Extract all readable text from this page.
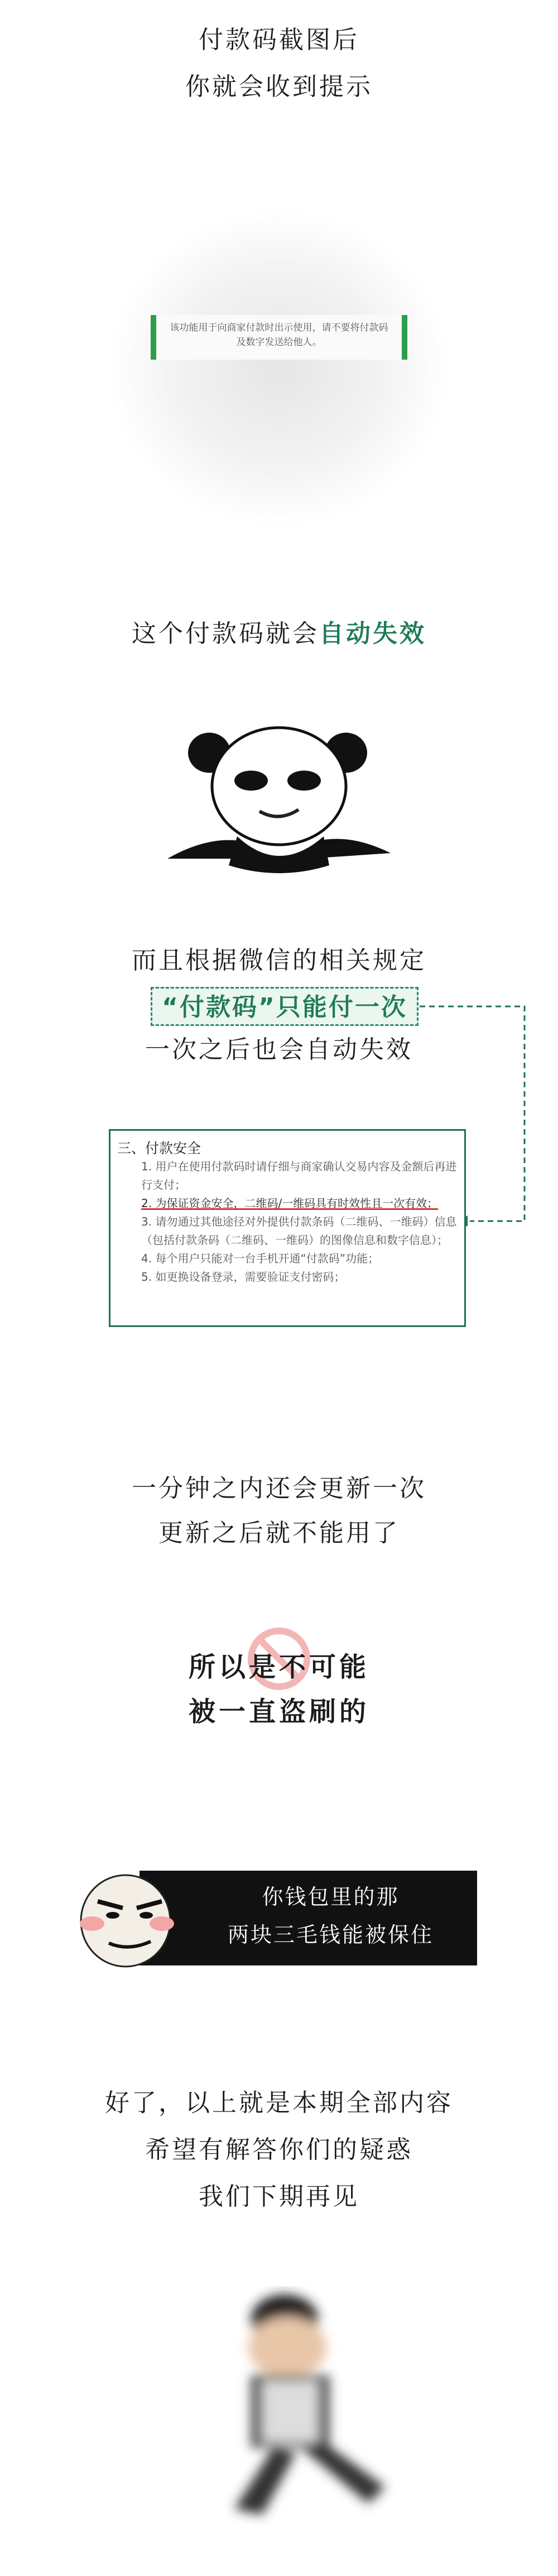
付款码截图后
你就会收到提示
该功能用于向商家付款时出示使用，请不要将付款码及数字发送给他人。
这个付款码就会自动失效
而且根据微信的相关规定
“付款码”只能付一次
一次之后也会自动失效
三、付款安全
1. 用户在使用付款码时请仔细与商家确认交易内容及金额后再进行支付；
2. 为保证资金安全，二维码/一维码具有时效性且一次有效；
3. 请勿通过其他途径对外提供付款条码（二维码、一维码）信息（包括付款条码（二维码、一维码）的图像信息和数字信息）；
4. 每个用户只能对一台手机开通“付款码”功能；
5. 如更换设备登录，需要验证支付密码；
一分钟之内还会更新一次
更新之后就不能用了
所以是不可能
被一直盗刷的
你钱包里的那
两块三毛钱能被保住
好了，以上就是本期全部内容
希望有解答你们的疑惑
我们下期再见
